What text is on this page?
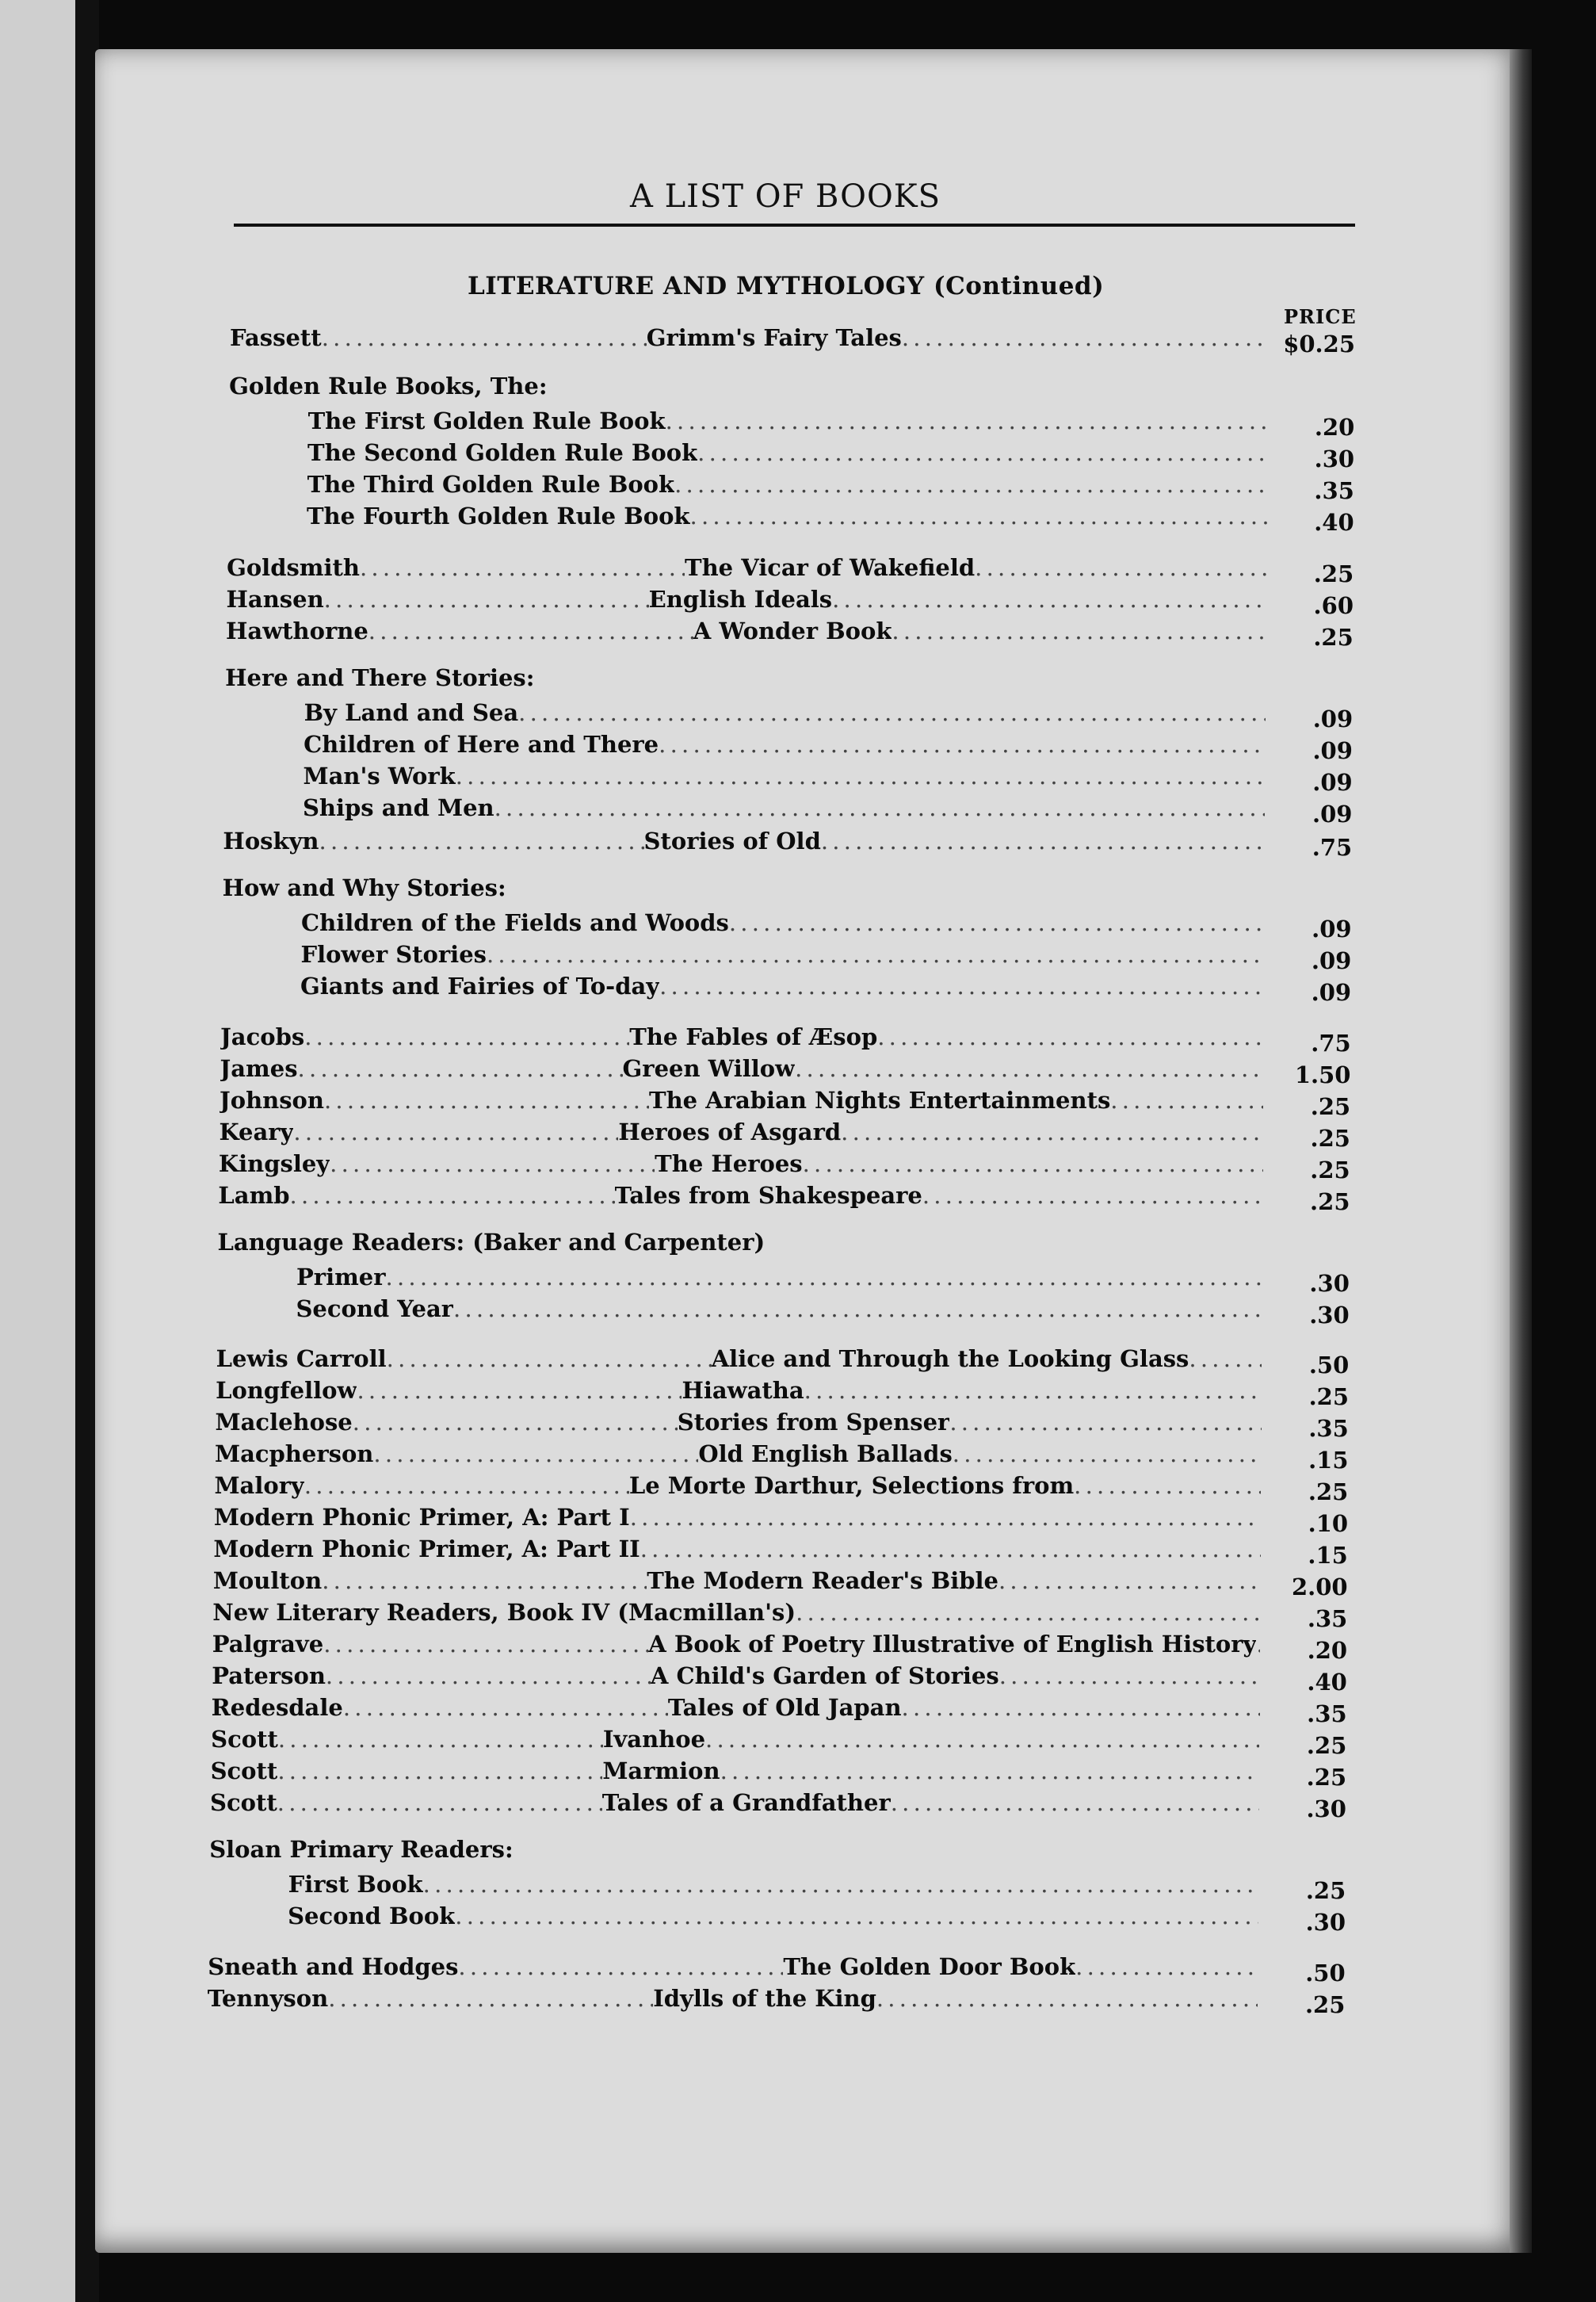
A LIST OF BOOKS
LITERATURE AND MYTHOLOGY (Continued)
PRICE
Fassett . . .	Grimm's Fairy Tales . . .	$0.25
Golden Rule Books, The:
The First Golden Rule Book . . .	.20
The Second Golden Rule Book . . .	.30
The Third Golden Rule Book . . .	.35
The Fourth Golden Rule Book . . .	.40
Goldsmith . . .	The Vicar of Wakefield . . .	.25
Hansen . . .	English Ideals . . .	.60
Hawthorne . . .	A Wonder Book . . .	.25
Here and There Stories:
By Land and Sea . . .	.09
Children of Here and There . . .	.09
Man's Work . . .	.09
Ships and Men . . .	.09
Hoskyn . . .	Stories of Old . . .	.75
How and Why Stories:
Children of the Fields and Woods . . .	.09
Flower Stories . . .	.09
Giants and Fairies of To-day . . .	.09
Jacobs . . .	The Fables of Æsop . . .	.75
James . . .	Green Willow . . .	1.50
Johnson . . .	The Arabian Nights Entertainments . . .	.25
Keary . . .	Heroes of Asgard . . .	.25
Kingsley . . .	The Heroes . . .	.25
Lamb . . .	Tales from Shakespeare . . .	.25
Language Readers: (Baker and Carpenter)
Primer . . .	.30
Second Year . . .	.30
Lewis Carroll . . .	Alice and Through the Looking Glass . . .	.50
Longfellow . . .	Hiawatha . . .	.25
Maclehose . . .	Stories from Spenser . . .	.35
Macpherson . . .	Old English Ballads . . .	.15
Malory . . .	Le Morte Darthur, Selections from . . .	.25
Modern Phonic Primer, A: Part I . . .	.10
Modern Phonic Primer, A: Part II . . .	.15
Moulton . . .	The Modern Reader's Bible . . .	2.00
New Literary Readers, Book IV (Macmillan's) . . .	.35
Palgrave . . .	A Book of Poetry Illustrative of English History . . .	.20
Paterson . . .	A Child's Garden of Stories . . .	.40
Redesdale . . .	Tales of Old Japan . . .	.35
Scott . . .	Ivanhoe . . .	.25
Scott . . .	Marmion . . .	.25
Scott . . .	Tales of a Grandfather . . .	.30
Sloan Primary Readers:
First Book . . .	.25
Second Book . . .	.30
Sneath and Hodges . . .	The Golden Door Book . . .	.50
Tennyson . . .	Idylls of the King . . .	.25
